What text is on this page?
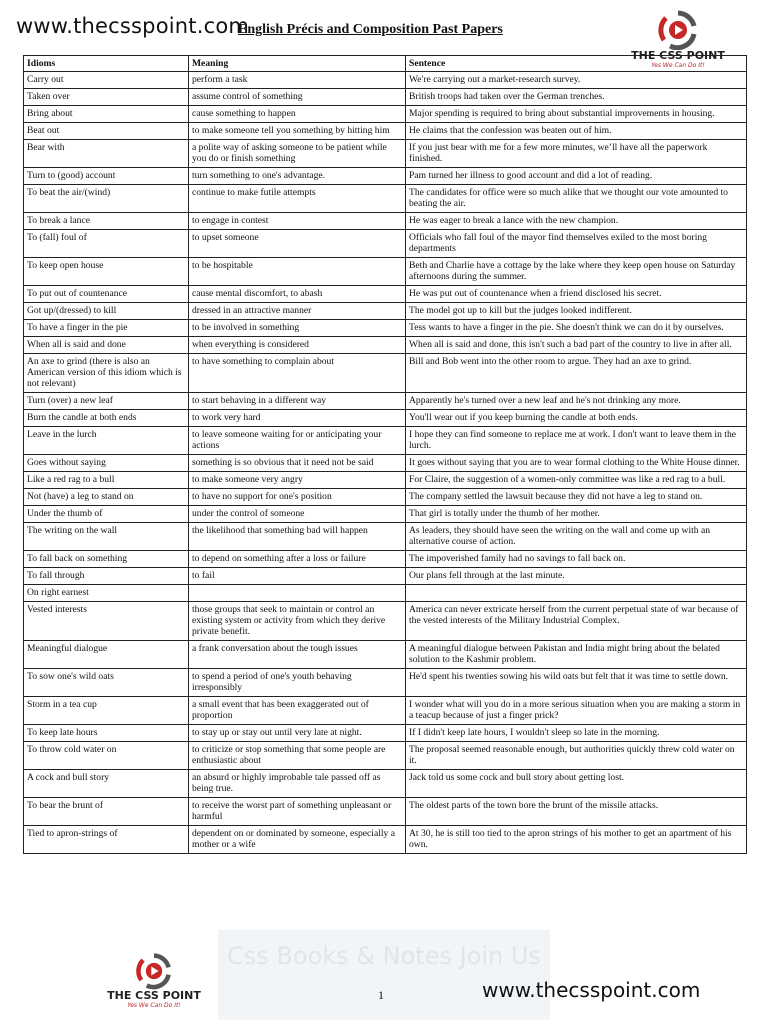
www.thecsspoint.com
English Précis and Composition Past Papers
THE CSS POINT
Yes We Can Do It!
Idioms	Meaning	Sentence
Carry out	perform a task	We're carrying out a market-research survey.
Taken over	assume control of something	British troops had taken over the German trenches.
Bring about	cause something to happen	Major spending is required to bring about substantial improvements in housing.
Beat out	to make someone tell you something by hitting him	He claims that the confession was beaten out of him.
Bear with	a polite way of asking someone to be patient while you do or finish something	If you just bear with me for a few more minutes, we’ll have all the paperwork finished.
Turn to (good) account	turn something to one's advantage.	Pam turned her illness to good account and did a lot of reading.
To beat the air/(wind)	continue to make futile attempts	The candidates for office were so much alike that we thought our vote amounted to beating the air.
To break a lance	to engage in contest	He was eager to break a lance with the new champion.
To (fall) foul of	to upset someone	Officials who fall foul of the mayor find themselves exiled to the most boring departments
To keep open house	to be hospitable	Beth and Charlie have a cottage by the lake where they keep open house on Saturday afternoons during the summer.
To put out of countenance	cause mental discomfort, to abash	He was put out of countenance when a friend disclosed his secret.
Got up/(dressed) to kill	dressed in an attractive manner	The model got up to kill but the judges looked indifferent.
To have a finger in the pie	to be involved in something	Tess wants to have a finger in the pie. She doesn't think we can do it by ourselves.
When all is said and done	when everything is considered	When all is said and done, this isn't such a bad part of the country to live in after all.
An axe to grind (there is also an American version of this idiom which is not relevant)	to have something to complain about	Bill and Bob went into the other room to argue. They had an axe to grind.
Turn (over) a new leaf	to start behaving in a different way	Apparently he's turned over a new leaf and he's not drinking any more.
Burn the candle at both ends	to work very hard	You'll wear out if you keep burning the candle at both ends.
Leave in the lurch	to leave someone waiting for or anticipating your actions	I hope they can find someone to replace me at work. I don't want to leave them in the lurch.
Goes without saying	something is so obvious that it need not be said	It goes without saying that you are to wear formal clothing to the White House dinner.
Like a red rag to a bull	to make someone very angry	For Claire, the suggestion of a women-only committee was like a red rag to a bull.
Not (have) a leg to stand on	to have no support for one's position	The company settled the lawsuit because they did not have a leg to stand on.
Under the thumb of	under the control of someone	That girl is totally under the thumb of her mother.
The writing on the wall	the likelihood that something bad will happen	As leaders, they should have seen the writing on the wall and come up with an alternative course of action.
To fall back on something	to depend on something after a loss or failure	The impoverished family had no savings to fall back on.
To fall through	to fail	Our plans fell through at the last minute.
On right earnest		
Vested interests	those groups that seek to maintain or control an existing system or activity from which they derive private benefit.	America can never extricate herself from the current perpetual state of war because of the vested interests of the Military Industrial Complex.
Meaningful dialogue	a frank conversation about the tough issues	A meaningful dialogue between Pakistan and India might bring about the belated solution to the Kashmir problem.
To sow one's wild oats	to spend a period of one's youth behaving irresponsibly	He'd spent his twenties sowing his wild oats but felt that it was time to settle down.
Storm in a tea cup	a small event that has been exaggerated out of proportion	I wonder what will you do in a more serious situation when you are making a storm in a teacup because of just a finger prick?
To keep late hours	to stay up or stay out until very late at night.	If I didn't keep late hours, I wouldn't sleep so late in the morning.
To throw cold water on	to criticize or stop something that some people are enthusiastic about	The proposal seemed reasonable enough, but authorities quickly threw cold water on it.
A cock and bull story	an absurd or highly improbable tale passed off as being true.	Jack told us some cock and bull story about getting lost.
To bear the brunt of	to receive the worst part of something unpleasant or harmful	The oldest parts of the town bore the brunt of the missile attacks.
Tied to apron-strings of	dependent on or dominated by someone, especially a mother or a wife	At 30, he is still too tied to the apron strings of his mother to get an apartment of his own.
Css Books & Notes Join Us
THE CSS POINT
Yes We Can Do It!
1	www.thecsspoint.com
